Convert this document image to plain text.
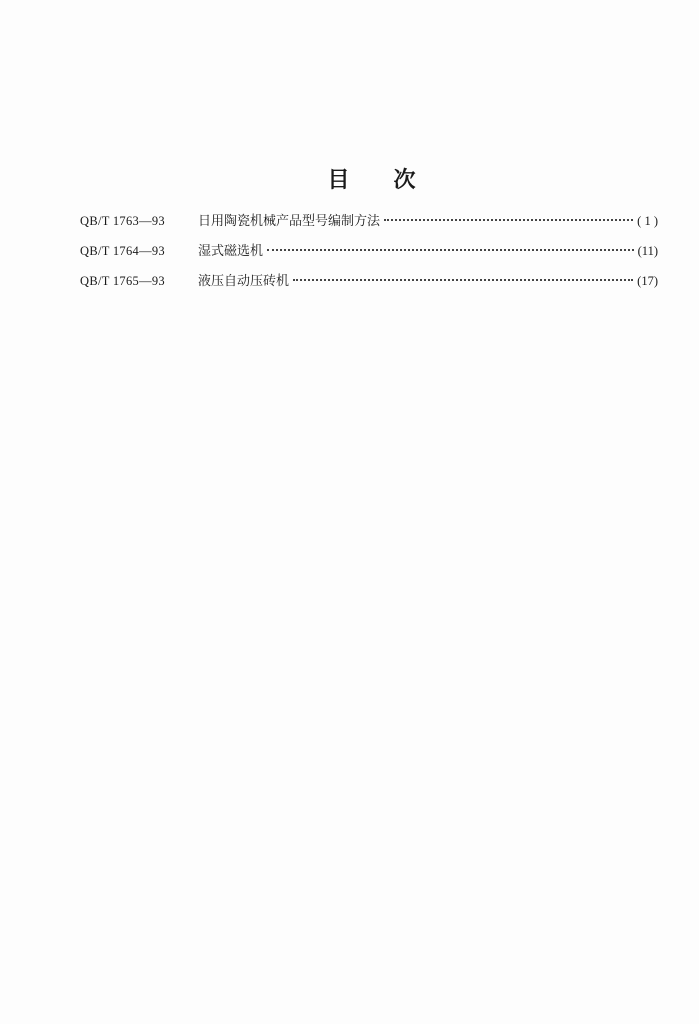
目　　次
QB/T 1763—93	日用陶瓷机械产品型号编制方法	( 1 )
QB/T 1764—93	湿式磁选机	(11)
QB/T 1765—93	液压自动压砖机	(17)
